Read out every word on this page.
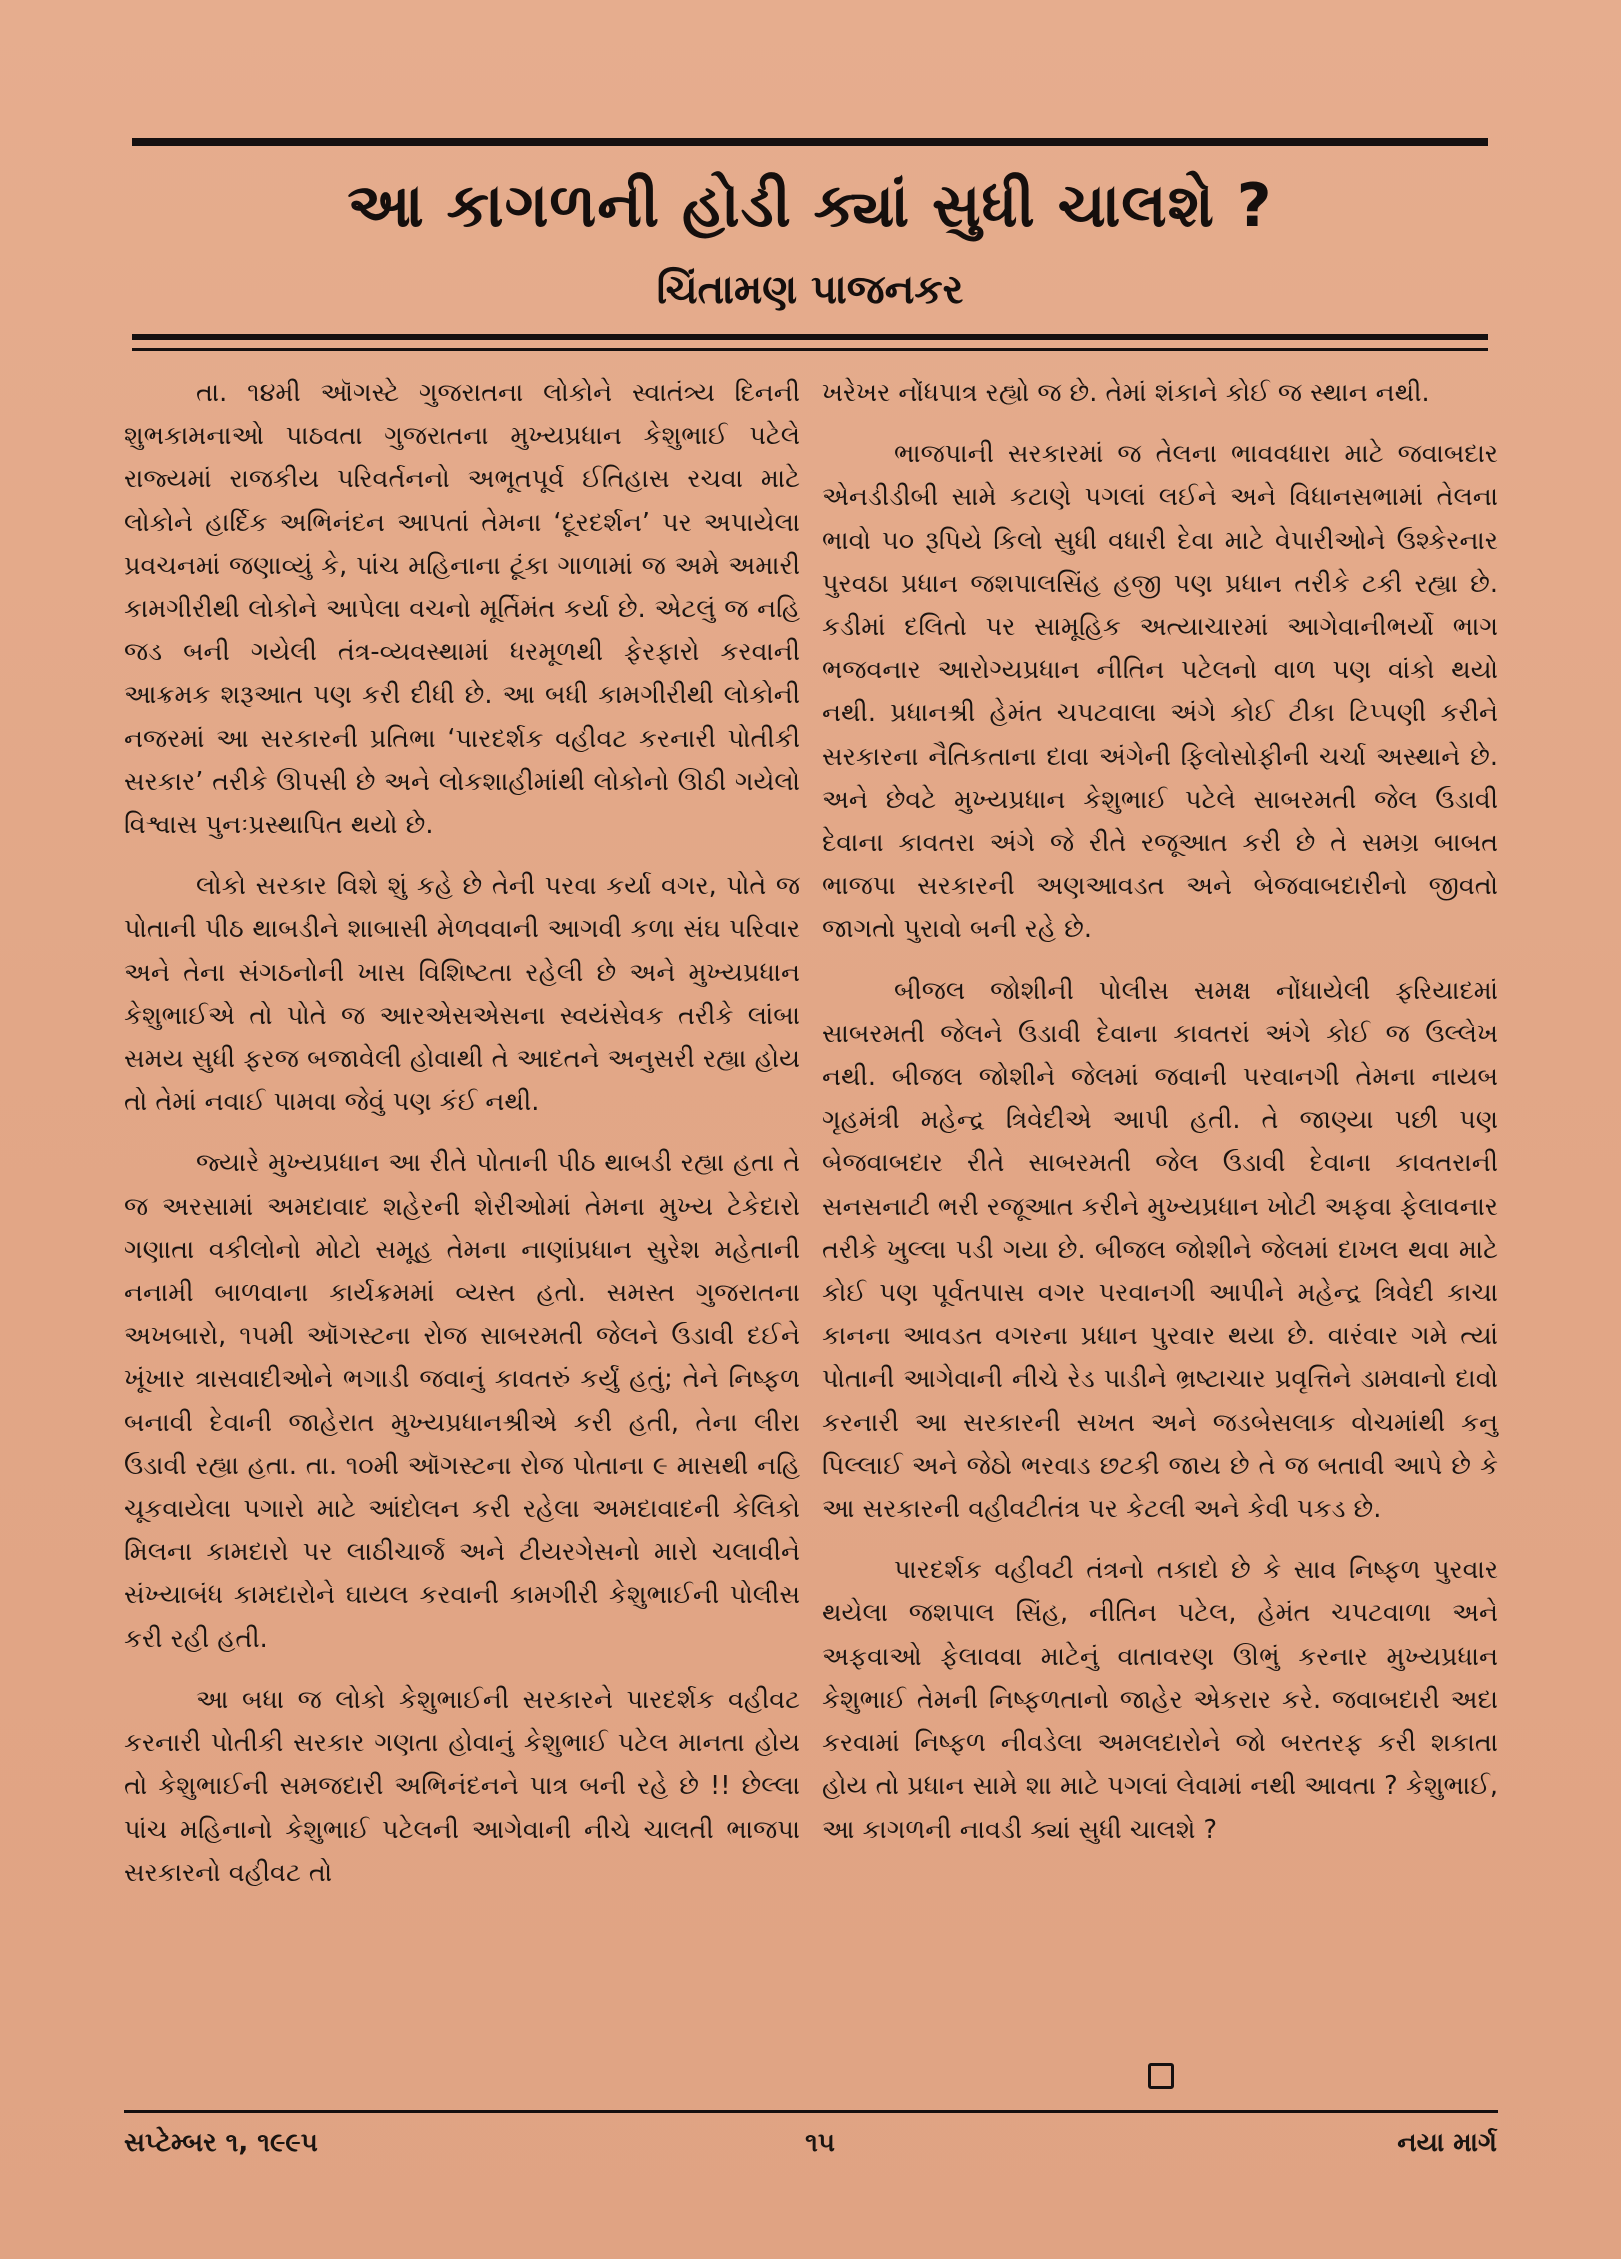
આ કાગળની હોડી ક્યાં સુધી ચાલશે ?
ચિંતામણ પાજનકર

તા. ૧૪મી ઑગસ્ટે ગુજરાતના લોકોને સ્વાતંત્ર્ય દિનની શુભકામનાઓ પાઠવતા ગુજરાતના મુખ્યપ્રધાન કેશુભાઈ પટેલે રાજ્યમાં રાજકીય પરિવર્તનનો અભૂતપૂર્વ ઈતિહાસ રચવા માટે લોકોને હાર્દિક અભિનંદન આપતાં તેમના ‘દૂરદર્શન’ પર અપાયેલા પ્રવચનમાં જણાવ્યું કે, પાંચ મહિનાના ટૂંકા ગાળામાં જ અમે અમારી કામગીરીથી લોકોને આપેલા વચનો મૂર્તિમંત કર્યા છે. એટલું જ નહિ જડ બની ગયેલી તંત્ર-વ્યવસ્થામાં ધરમૂળથી ફેરફારો કરવાની આક્રમક શરૂઆત પણ કરી દીધી છે. આ બધી કામગીરીથી લોકોની નજરમાં આ સરકારની પ્રતિભા ‘પારદર્શક વહીવટ કરનારી પોતીકી સરકાર’ તરીકે ઊપસી છે અને લોકશાહીમાંથી લોકોનો ઊઠી ગયેલો વિશ્વાસ પુનઃપ્રસ્થાપિત થયો છે.

લોકો સરકાર વિશે શું કહે છે તેની પરવા કર્યા વગર, પોતે જ પોતાની પીઠ થાબડીને શાબાસી મેળવવાની આગવી કળા સંઘ પરિવાર અને તેના સંગઠનોની ખાસ વિશિષ્ટતા રહેલી છે અને મુખ્યપ્રધાન કેશુભાઈએ તો પોતે જ આરએસએસના સ્વયંસેવક તરીકે લાંબા સમય સુધી ફરજ બજાવેલી હોવાથી તે આદતને અનુસરી રહ્યા હોય તો તેમાં નવાઈ પામવા જેવું પણ કંઈ નથી.

જ્યારે મુખ્યપ્રધાન આ રીતે પોતાની પીઠ થાબડી રહ્યા હતા તે જ અરસામાં અમદાવાદ શહેરની શેરીઓમાં તેમના મુખ્ય ટેકેદારો ગણાતા વકીલોનો મોટો સમૂહ તેમના નાણાંપ્રધાન સુરેશ મહેતાની નનામી બાળવાના કાર્યક્રમમાં વ્યસ્ત હતો. સમસ્ત ગુજરાતના અખબારો, ૧૫મી ઑગસ્ટના રોજ સાબરમતી જેલને ઉડાવી દઈને ખૂંખાર ત્રાસવાદીઓને ભગાડી જવાનું કાવતરું કર્યું હતું; તેને નિષ્ફળ બનાવી દેવાની જાહેરાત મુખ્યપ્રધાનશ્રીએ કરી હતી, તેના લીરા ઉડાવી રહ્યા હતા. તા. ૧૦મી ઑગસ્ટના રોજ પોતાના ૯ માસથી નહિ ચૂકવાયેલા પગારો માટે આંદોલન કરી રહેલા અમદાવાદની કેલિકો મિલના કામદારો પર લાઠીચાર્જ અને ટીયરગેસનો મારો ચલાવીને સંખ્યાબંધ કામદારોને ઘાયલ કરવાની કામગીરી કેશુભાઈની પોલીસ કરી રહી હતી.

આ બધા જ લોકો કેશુભાઈની સરકારને પારદર્શક વહીવટ કરનારી પોતીકી સરકાર ગણતા હોવાનું કેશુભાઈ પટેલ માનતા હોય તો કેશુભાઈની સમજદારી અભિનંદનને પાત્ર બની રહે છે !! છેલ્લા પાંચ મહિનાનો કેશુભાઈ પટેલની આગેવાની નીચે ચાલતી ભાજપા સરકારનો વહીવટ તો

ખરેખર નોંધપાત્ર રહ્યો જ છે. તેમાં શંકાને કોઈ જ સ્થાન નથી.

ભાજપાની સરકારમાં જ તેલના ભાવવધારા માટે જવાબદાર એનડીડીબી સામે કટાણે પગલાં લઈને અને વિધાનસભામાં તેલના ભાવો ૫૦ રૂપિયે કિલો સુધી વધારી દેવા માટે વેપારીઓને ઉશ્કેરનાર પુરવઠા પ્રધાન જશપાલસિંહ હજી પણ પ્રધાન તરીકે ટકી રહ્યા છે. કડીમાં દલિતો પર સામૂહિક અત્યાચારમાં આગેવાનીભર્યો ભાગ ભજવનાર આરોગ્યપ્રધાન નીતિન પટેલનો વાળ પણ વાંકો થયો નથી. પ્રધાનશ્રી હેમંત ચપટવાલા અંગે કોઈ ટીકા ટિપ્પણી કરીને સરકારના નૈતિકતાના દાવા અંગેની ફિલોસોફીની ચર્ચા અસ્થાને છે. અને છેવટે મુખ્યપ્રધાન કેશુભાઈ પટેલે સાબરમતી જેલ ઉડાવી દેવાના કાવતરા અંગે જે રીતે રજૂઆત કરી છે તે સમગ્ર બાબત ભાજપા સરકારની અણઆવડત અને બેજવાબદારીનો જીવતો જાગતો પુરાવો બની રહે છે.

બીજલ જોશીની પોલીસ સમક્ષ નોંધાયેલી ફરિયાદમાં સાબરમતી જેલને ઉડાવી દેવાના કાવતરાં અંગે કોઈ જ ઉલ્લેખ નથી. બીજલ જોશીને જેલમાં જવાની પરવાનગી તેમના નાયબ ગૃહમંત્રી મહેન્દ્ર ત્રિવેદીએ આપી હતી. તે જાણ્યા પછી પણ બેજવાબદાર રીતે સાબરમતી જેલ ઉડાવી દેવાના કાવતરાની સનસનાટી ભરી રજૂઆત કરીને મુખ્યપ્રધાન ખોટી અફવા ફેલાવનાર તરીકે ખુલ્લા પડી ગયા છે. બીજલ જોશીને જેલમાં દાખલ થવા માટે કોઈ પણ પૂર્વતપાસ વગર પરવાનગી આપીને મહેન્દ્ર ત્રિવેદી કાચા કાનના આવડત વગરના પ્રધાન પુરવાર થયા છે. વારંવાર ગમે ત્યાં પોતાની આગેવાની નીચે રેડ પાડીને ભ્રષ્ટાચાર પ્રવૃત્તિને ડામવાનો દાવો કરનારી આ સરકારની સખત અને જડબેસલાક વોચમાંથી કનુ પિલ્લાઈ અને જેઠો ભરવાડ છટકી જાય છે તે જ બતાવી આપે છે કે આ સરકારની વહીવટીતંત્ર પર કેટલી અને કેવી પકડ છે.

પારદર્શક વહીવટી તંત્રનો તકાદો છે કે સાવ નિષ્ફળ પુરવાર થયેલા જશપાલ સિંહ, નીતિન પટેલ, હેમંત ચપટવાળા અને અફવાઓ ફેલાવવા માટેનું વાતાવરણ ઊભું કરનાર મુખ્યપ્રધાન કેશુભાઈ તેમની નિષ્ફળતાનો જાહેર એકરાર કરે. જવાબદારી અદા કરવામાં નિષ્ફળ નીવડેલા અમલદારોને જો બરતરફ કરી શકાતા હોય તો પ્રધાન સામે શા માટે પગલાં લેવામાં નથી આવતા ? કેશુભાઈ, આ કાગળની નાવડી ક્યાં સુધી ચાલશે ?

સપ્ટેમ્બર ૧, ૧૯૯૫	૧૫	નયા માર્ગ
